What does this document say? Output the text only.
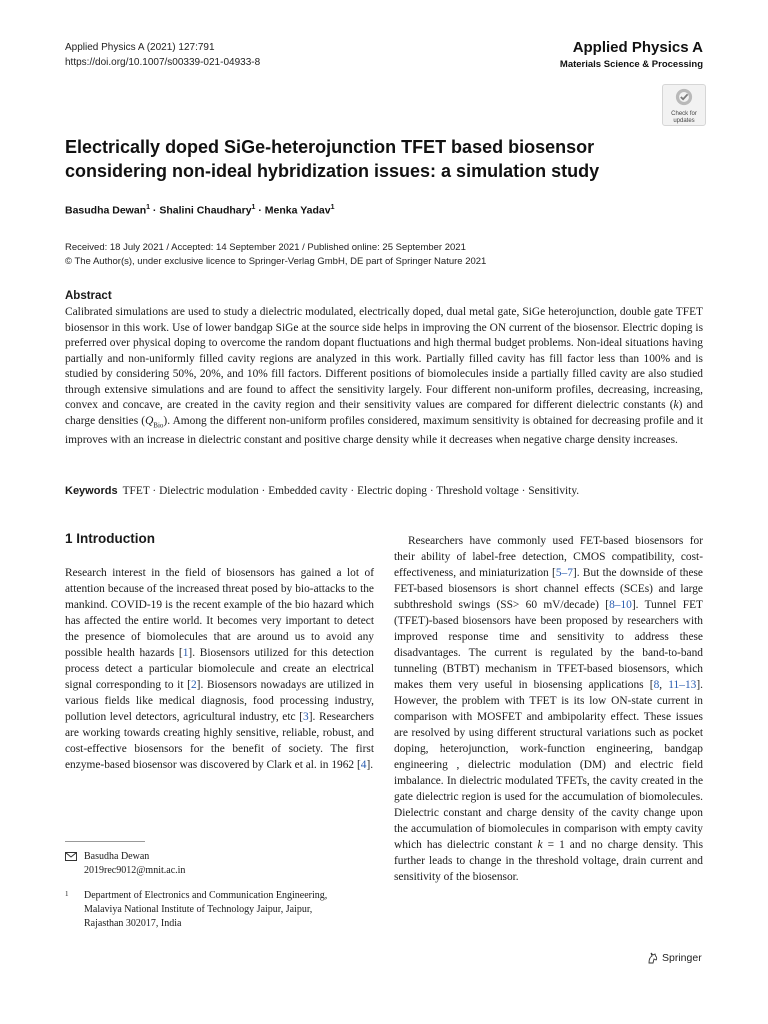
Applied Physics A (2021) 127:791
https://doi.org/10.1007/s00339-021-04933-8
Applied Physics A
Materials Science & Processing
Check for
updates
Electrically doped SiGe-heterojunction TFET based biosensor considering non-ideal hybridization issues: a simulation study
Basudha Dewan$^1$ · Shalini Chaudhary$^1$ · Menka Yadav$^1$
Received: 18 July 2021 / Accepted: 14 September 2021 / Published online: 25 September 2021
© The Author(s), under exclusive licence to Springer-Verlag GmbH, DE part of Springer Nature 2021
Abstract
Calibrated simulations are used to study a dielectric modulated, electrically doped, dual metal gate, SiGe heterojunction, double gate TFET biosensor in this work. Use of lower bandgap SiGe at the source side helps in improving the ON current of the biosensor. Electric doping is preferred over physical doping to overcome the random dopant fluctuations and high thermal budget problems. Non-ideal situations having partially and non-uniformly filled cavity regions are analyzed in this work. Partially filled cavity has fill factor less than 100% and is studied by considering 50%, 20%, and 10% fill factors. Different positions of biomolecules inside a partially filled cavity are also studied through extensive simulations and are found to affect the sensitivity largely. Four different non-uniform profiles, decreasing, increasing, convex and concave, are created in the cavity region and their sensitivity values are compared for different dielectric constants (k) and charge densities $(Q_{Bio})$. Among the different non-uniform profiles considered, maximum sensitivity is obtained for decreasing profile and it improves with an increase in dielectric constant and positive charge density while it decreases when negative charge density increases.
Keywords TFET · Dielectric modulation · Embedded cavity · Electric doping · Threshold voltage · Sensitivity.
1 Introduction

Research interest in the field of biosensors has gained a lot of attention because of the increased threat posed by bio-attacks to the mankind. COVID-19 is the recent example of the bio hazard which has affected the entire world. It becomes very important to detect the presence of biomolecules that are around us to avoid any possible health hazards [1]. Biosensors utilized for this detection process detect a particular biomolecule and create an electrical signal corresponding to it [2]. Biosensors nowadays are utilized in various fields like medical diagnosis, food processing industry, pollution level detectors, agricultural industry, etc [3]. Researchers are working towards creating highly sensitive, reliable, robust, and cost-effective biosensors for the benefit of society. The first enzyme-based biosensor was discovered by Clark et al. in 1962 [4].

Researchers have commonly used FET-based biosensors for their ability of label-free detection, CMOS compatibility, cost-effectiveness, and miniaturization [5–7]. But the downside of these FET-based biosensors is short channel effects (SCEs) and large subthreshold swings (SS> 60 mV/decade) [8–10]. Tunnel FET (TFET)-based biosensors have been proposed by researchers with improved response time and sensitivity to address these disadvantages. The current is regulated by the band-to-band tunneling (BTBT) mechanism in TFET-based biosensors, which makes them very useful in biosensing applications [8, 11–13]. However, the problem with TFET is its low ON-state current in comparison with MOSFET and ambipolarity effect. These issues are resolved by using different structural variations such as pocket doping, heterojunction, work-function engineering, bandgap engineering , dielectric modulation (DM) and electric field imbalance. In dielectric modulated TFETs, the cavity created in the gate dielectric region is used for the accumulation of biomolecules. Dielectric constant and charge density of the cavity change upon the accumulation of biomolecules in comparison with empty cavity which has dielectric constant k = 1 and no charge density. This further leads to change in the threshold voltage, drain current and sensitivity of the biosensor.

Basudha Dewan
2019rec9012@mnit.ac.in
1 Department of Electronics and Communication Engineering,
Malaviya National Institute of Technology Jaipur, Jaipur,
Rajasthan 302017, India
Springer
